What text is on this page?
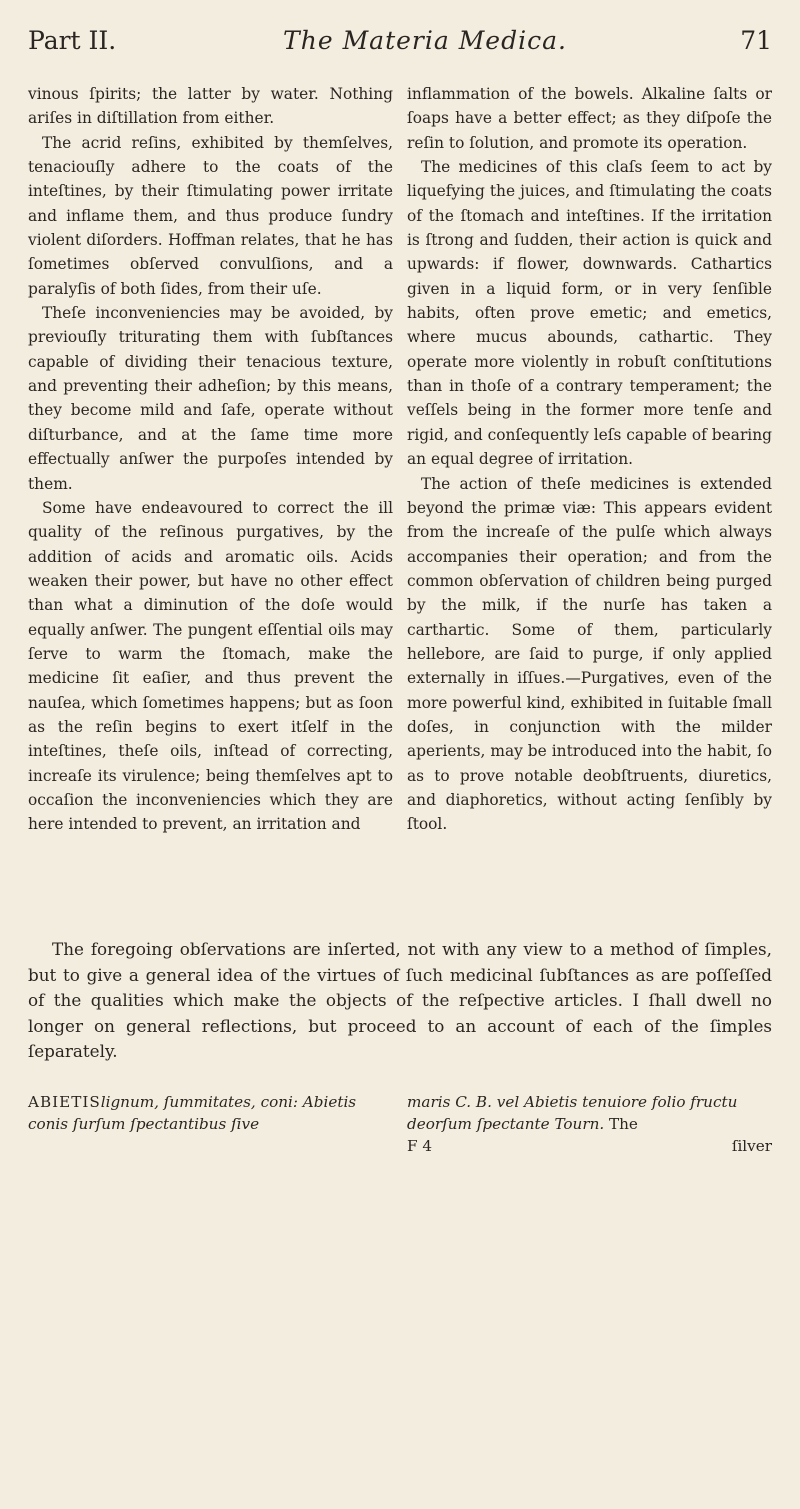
Part II.	The Materia Medica.	71

vinous ſpirits; the latter by water. Nothing ariſes in diſtillation from either.

The acrid reſins, exhibited by themſelves, tenaciouſly adhere to the coats of the inteſtines, by their ſtimulating power irritate and inflame them, and thus produce ſundry violent diſorders. Hoffman relates, that he has ſometimes obſerved convulſions, and a paralyſis of both ſides, from their uſe.

Theſe inconveniencies may be avoided, by previouſly triturating them with ſubſtances capable of dividing their tenacious texture, and preventing their adheſion; by this means, they become mild and ſafe, operate without diſturbance, and at the ſame time more effectually anſwer the purpoſes intended by them.

Some have endeavoured to correct the ill quality of the reſinous purgatives, by the addition of acids and aromatic oils. Acids weaken their power, but have no other effect than what a diminution of the doſe would equally anſwer. The pungent eſſential oils may ſerve to warm the ſtomach, make the medicine ſit eaſier, and thus prevent the nauſea, which ſometimes happens; but as ſoon as the reſin begins to exert itſelf in the inteſtines, theſe oils, inſtead of correcting, increaſe its virulence; being themſelves apt to occaſion the inconveniencies which they are here intended to prevent, an irritation and

inflammation of the bowels. Alkaline ſalts or ſoaps have a better effect; as they diſpoſe the reſin to ſolution, and promote its operation.

The medicines of this claſs ſeem to act by liquefying the juices, and ſtimulating the coats of the ſtomach and inteſtines. If the irritation is ſtrong and ſudden, their action is quick and upwards: if flower, downwards. Cathartics given in a liquid form, or in very ſenſible habits, often prove emetic; and emetics, where mucus abounds, cathartic. They operate more violently in robuſt conſtitutions than in thoſe of a contrary temperament; the veſſels being in the former more tenſe and rigid, and conſequently leſs capable of bearing an equal degree of irritation.

The action of theſe medicines is extended beyond the primæ viæ: This appears evident from the increaſe of the pulſe which always accompanies their operation; and from the common obſervation of children being purged by the milk, if the nurſe has taken a carthartic. Some of them, particularly hellebore, are ſaid to purge, if only applied externally in iſſues.—Purgatives, even of the more powerful kind, exhibited in ſuitable ſmall doſes, in conjunction with the milder aperients, may be introduced into the habit, ſo as to prove notable deobſtruents, diuretics, and diaphoretics, without acting ſenſibly by ſtool.

The foregoing obſervations are inſerted, not with any view to a method of ſimples, but to give a general idea of the virtues of ſuch medicinal ſubſtances as are poſſeſſed of the qualities which make the objects of the reſpective articles. I ſhall dwell no longer on general reflections, but proceed to an account of each of the ſimples ſeparately.

ABIETISlignum, ſummitates, coni: Abietis conis ſurſum ſpectantibus ſive
maris C. B. vel Abietis tenuiore folio fructu deorſum ſpectante Tourn. The
F 4	ſilver
